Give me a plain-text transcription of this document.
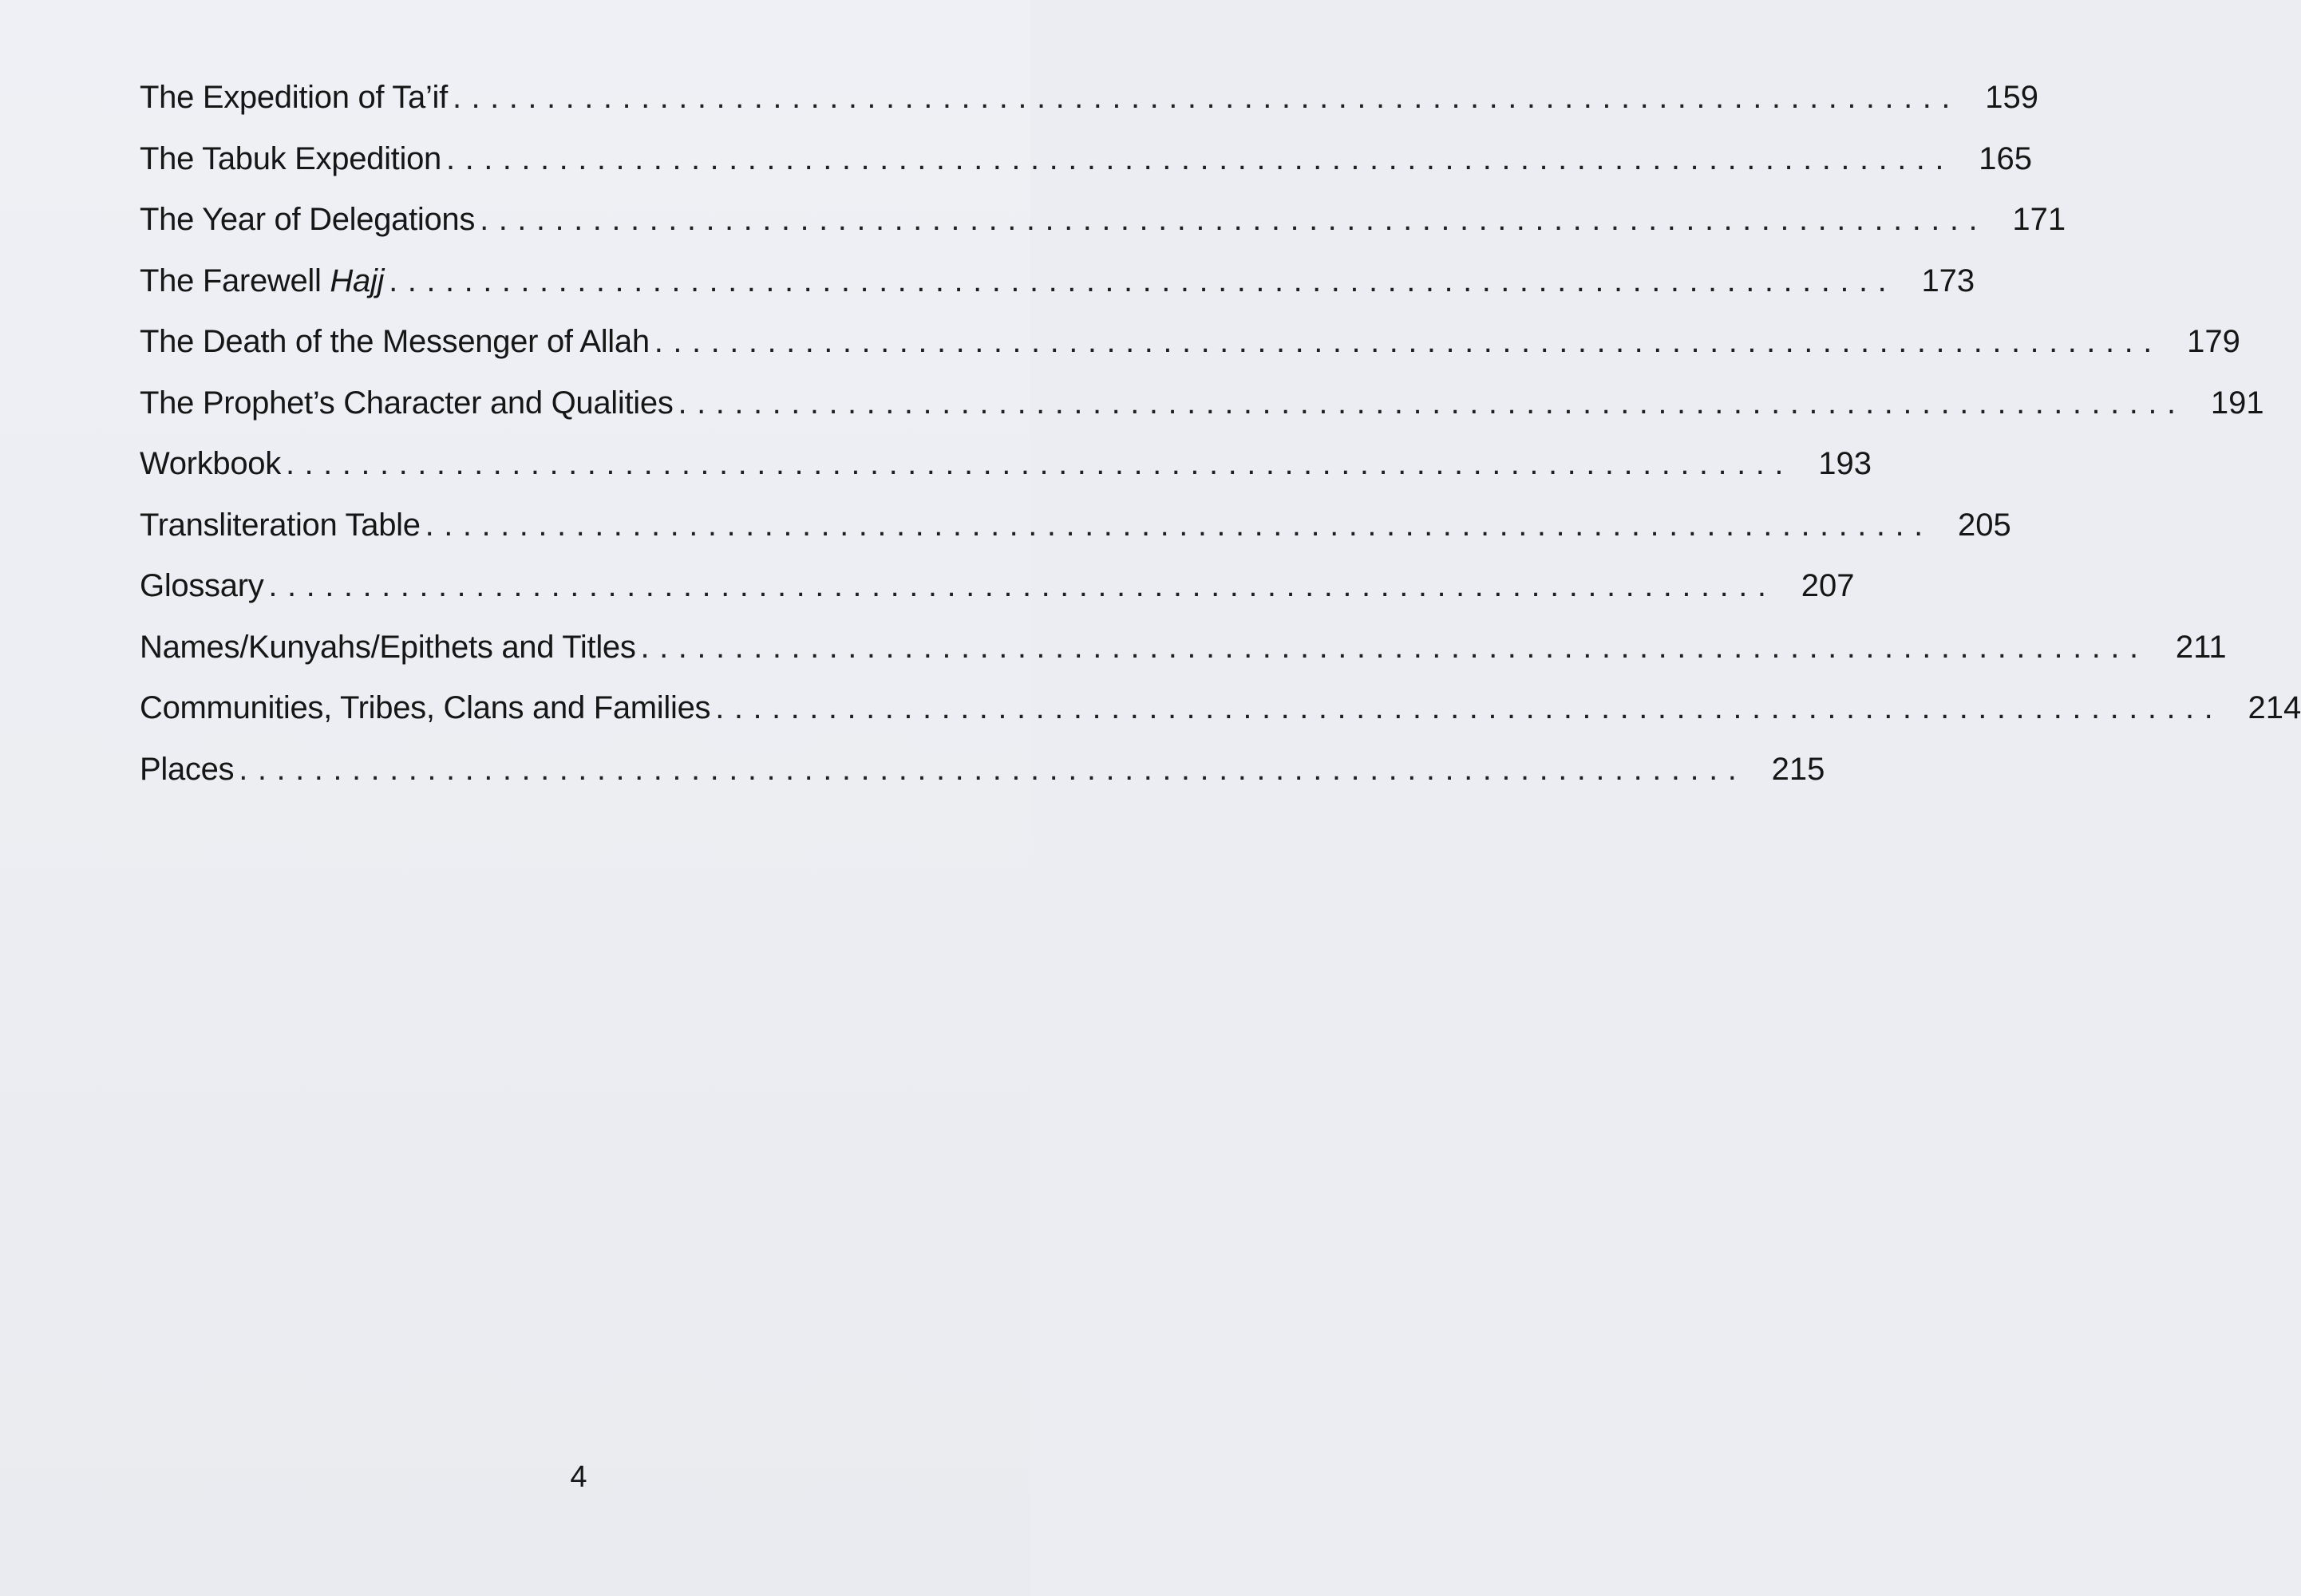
The Expedition of Ta’if ................................................................................ 159
The Tabuk Expedition ................................................................................ 165
The Year of Delegations ................................................................................ 171
The Farewell Hajj ................................................................................ 173
The Death of the Messenger of Allah ................................................................................ 179
The Prophet’s Character and Qualities ................................................................................ 191
Workbook ................................................................................ 193
Transliteration Table ................................................................................ 205
Glossary ................................................................................ 207
Names/Kunyahs/Epithets and Titles ................................................................................ 211
Communities, Tribes, Clans and Families ................................................................................ 214
Places ................................................................................ 215
4
